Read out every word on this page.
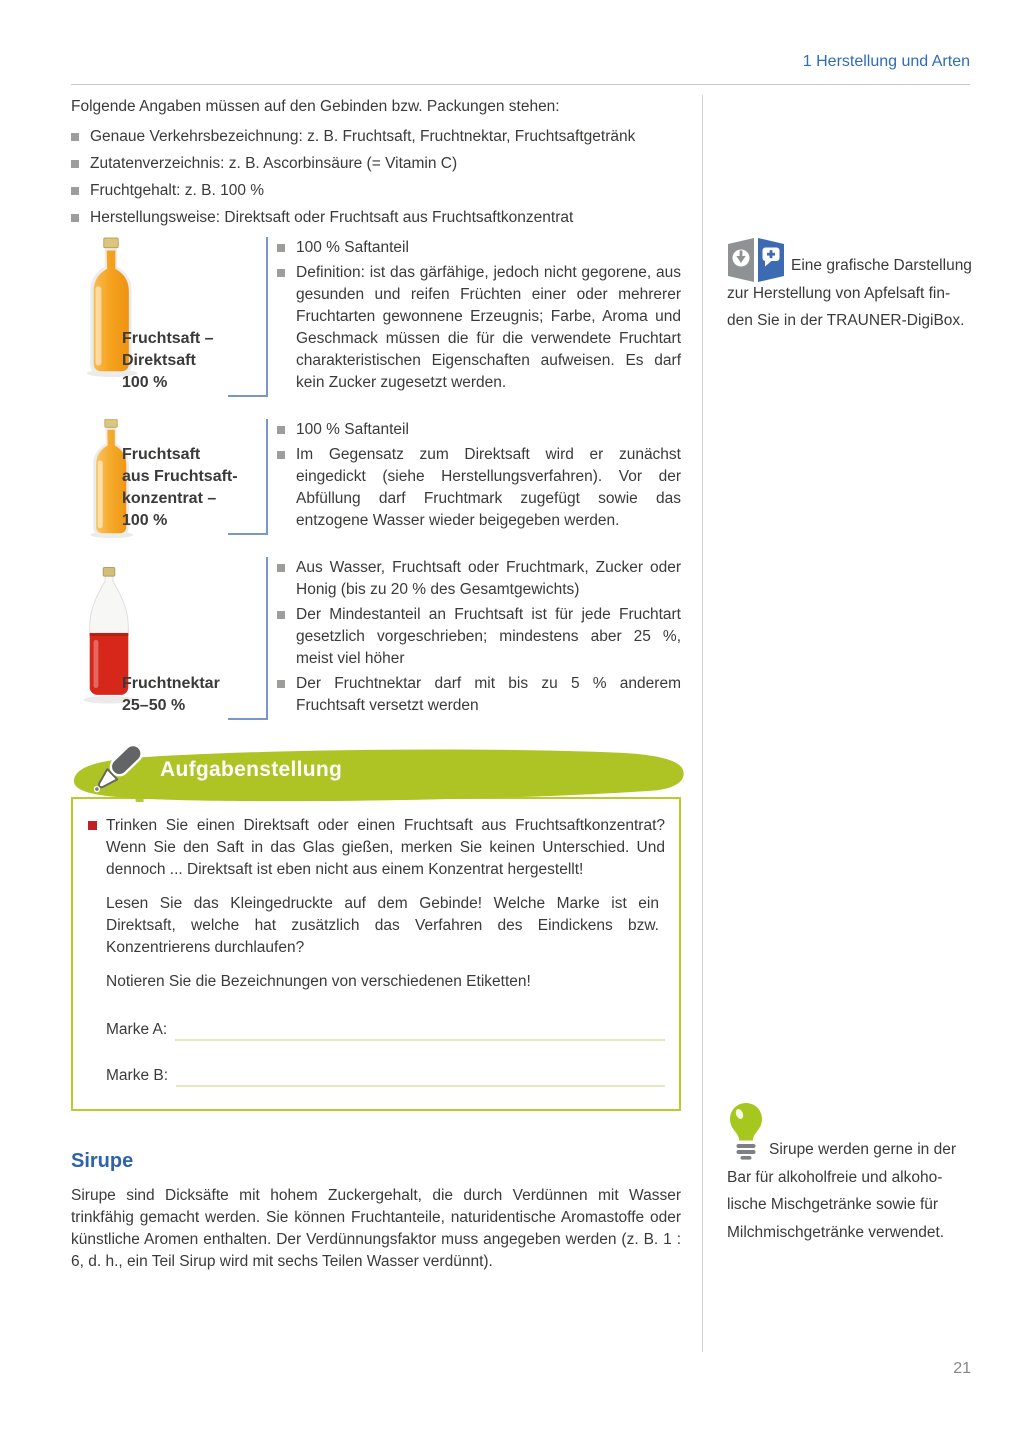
1 Herstellung und Arten

Folgende Angaben müssen auf den Gebinden bzw. Packungen stehen:

Genaue Verkehrsbezeichnung: z. B. Fruchtsaft, Fruchtnektar, Fruchtsaftgetränk
Zutatenverzeichnis: z. B. Ascorbinsäure (= Vitamin C)
Fruchtgehalt: z. B. 100 %
Herstellungsweise: Direktsaft oder Fruchtsaft aus Fruchtsaftkonzentrat
Fruchtsaft –
Direktsaft
100 %
100 % Saftanteil
Definition: ist das gärfähige, jedoch nicht gegorene, aus gesunden und reifen Früchten einer oder mehrerer Fruchtarten gewonnene Erzeugnis; Farbe, Aroma und Geschmack müssen die für die verwendete Fruchtart charakteristischen Eigenschaften aufweisen. Es darf kein Zucker zugesetzt werden.
Fruchtsaft
aus Fruchtsaft-
konzentrat –
100 %
100 % Saftanteil
Im Gegensatz zum Direktsaft wird er zunächst eingedickt (siehe Herstellungsverfahren). Vor der Abfüllung darf Fruchtmark zugefügt sowie das entzogene Wasser wieder beigegeben werden.
Fruchtnektar
25–50 %
Aus Wasser, Fruchtsaft oder Fruchtmark, Zucker oder Honig (bis zu 20 % des Gesamtgewichts)
Der Mindestanteil an Fruchtsaft ist für jede Fruchtart gesetzlich vorgeschrieben; mindestens aber 25 %, meist viel höher
Der Fruchtnektar darf mit bis zu 5 % anderem Fruchtsaft versetzt werden
Aufgabenstellung

Trinken Sie einen Direktsaft oder einen Fruchtsaft aus Fruchtsaftkonzentrat? Wenn Sie den Saft in das Glas gießen, merken Sie keinen Unterschied. Und dennoch ... Direktsaft ist eben nicht aus einem Konzentrat hergestellt!

Lesen Sie das Kleingedruckte auf dem Gebinde! Welche Marke ist ein Direktsaft, welche hat zusätzlich das Verfahren des Eindickens bzw. Konzentrierens durchlaufen?

Notieren Sie die Bezeichnungen von verschiedenen Etiketten!

Marke A:
Marke B:
Sirupe

Sirupe sind Dicksäfte mit hohem Zuckergehalt, die durch Verdünnen mit Wasser trinkfähig gemacht werden. Sie können Fruchtanteile, naturidentische Aromastoffe oder künstliche Aromen enthalten. Der Verdünnungsfaktor muss angegeben werden (z. B. 1 : 6, d. h., ein Teil Sirup wird mit sechs Teilen Wasser verdünnt).

Eine grafische Darstellung
zur Herstellung von Apfelsaft fin-
den Sie in der TRAUNER-DigiBox.
Sirupe werden gerne in der
Bar für alkoholfreie und alkoho-
lische Mischgetränke sowie für
Milchmischgetränke verwendet.
21
